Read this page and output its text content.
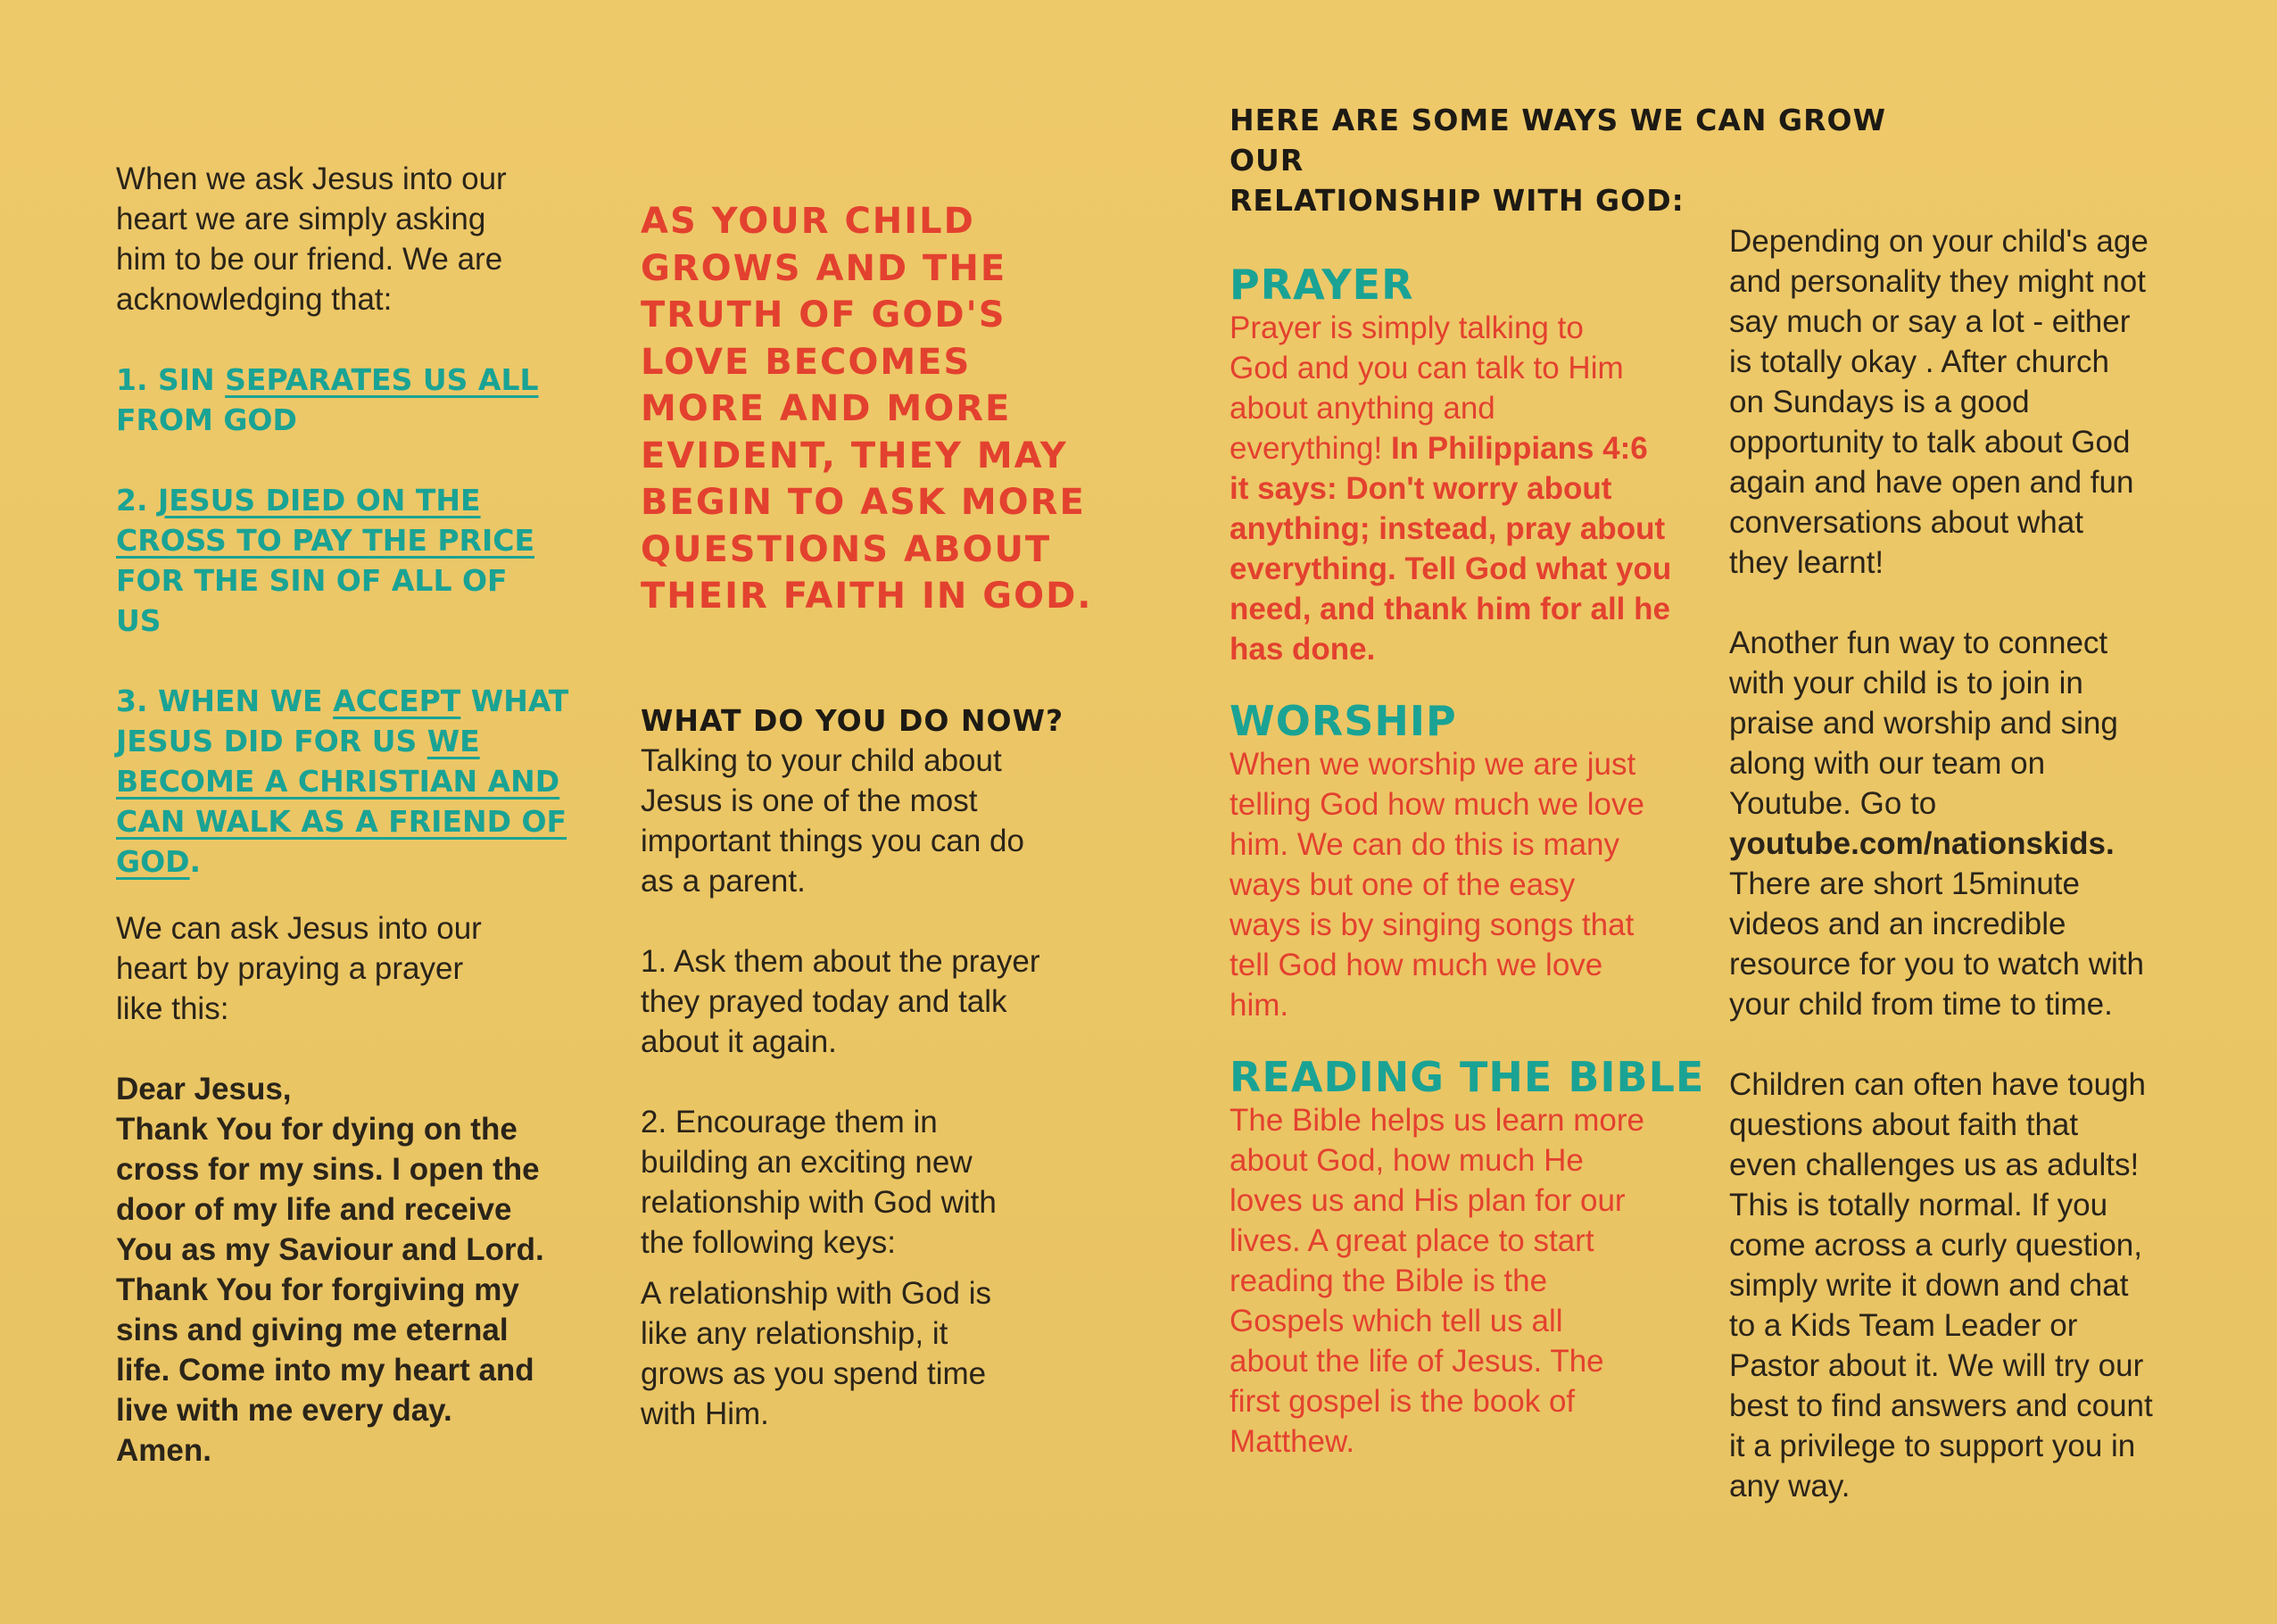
When we ask Jesus into our
heart we are simply asking
him to be our friend. We are
acknowledging that:

1. SIN SEPARATES US ALL FROM GOD

2. JESUS DIED ON THE CROSS TO PAY THE PRICE FOR THE SIN OF ALL OF US

3. WHEN WE ACCEPT WHAT JESUS DID FOR US WE BECOME A CHRISTIAN AND CAN WALK AS A FRIEND OF GOD.

We can ask Jesus into our
heart by praying a prayer
like this:

Dear Jesus,
Thank You for dying on the
cross for my sins. I open the
door of my life and receive
You as my Saviour and Lord.
Thank You for forgiving my
sins and giving me eternal
life. Come into my heart and
live with me every day.
Amen.

AS YOUR CHILD GROWS AND THE TRUTH OF GOD'S LOVE BECOMES MORE AND MORE EVIDENT, THEY MAY BEGIN TO ASK MORE QUESTIONS ABOUT THEIR FAITH IN GOD.

WHAT DO YOU DO NOW?

Talking to your child about
Jesus is one of the most
important things you can do
as a parent.

1. Ask them about the prayer
they prayed today and talk
about it again.

2. Encourage them in
building an exciting new
relationship with God with
the following keys:

A relationship with God is
like any relationship, it
grows as you spend time
with Him.

HERE ARE SOME WAYS WE CAN GROW OUR
RELATIONSHIP WITH GOD:

PRAYER

Prayer is simply talking to
God and you can talk to Him
about anything and
everything! In Philippians 4:6
it says: Don't worry about
anything; instead, pray about
everything. Tell God what you
need, and thank him for all he
has done.

WORSHIP

When we worship we are just
telling God how much we love
him. We can do this is many
ways but one of the easy
ways is by singing songs that
tell God how much we love
him.

READING THE BIBLE

The Bible helps us learn more
about God, how much He
loves us and His plan for our
lives. A great place to start
reading the Bible is the
Gospels which tell us all
about the life of Jesus. The
first gospel is the book of
Matthew.

Depending on your child's age
and personality they might not
say much or say a lot - either
is totally okay . After church
on Sundays is a good
opportunity to talk about God
again and have open and fun
conversations about what
they learnt!

Another fun way to connect
with your child is to join in
praise and worship and sing
along with our team on
Youtube. Go to

youtube.com/nationskids.

There are short 15minute
videos and an incredible
resource for you to watch with
your child from time to time.

Children can often have tough
questions about faith that
even challenges us as adults!
This is totally normal. If you
come across a curly question,
simply write it down and chat
to a Kids Team Leader or
Pastor about it. We will try our
best to find answers and count
it a privilege to support you in
any way.
